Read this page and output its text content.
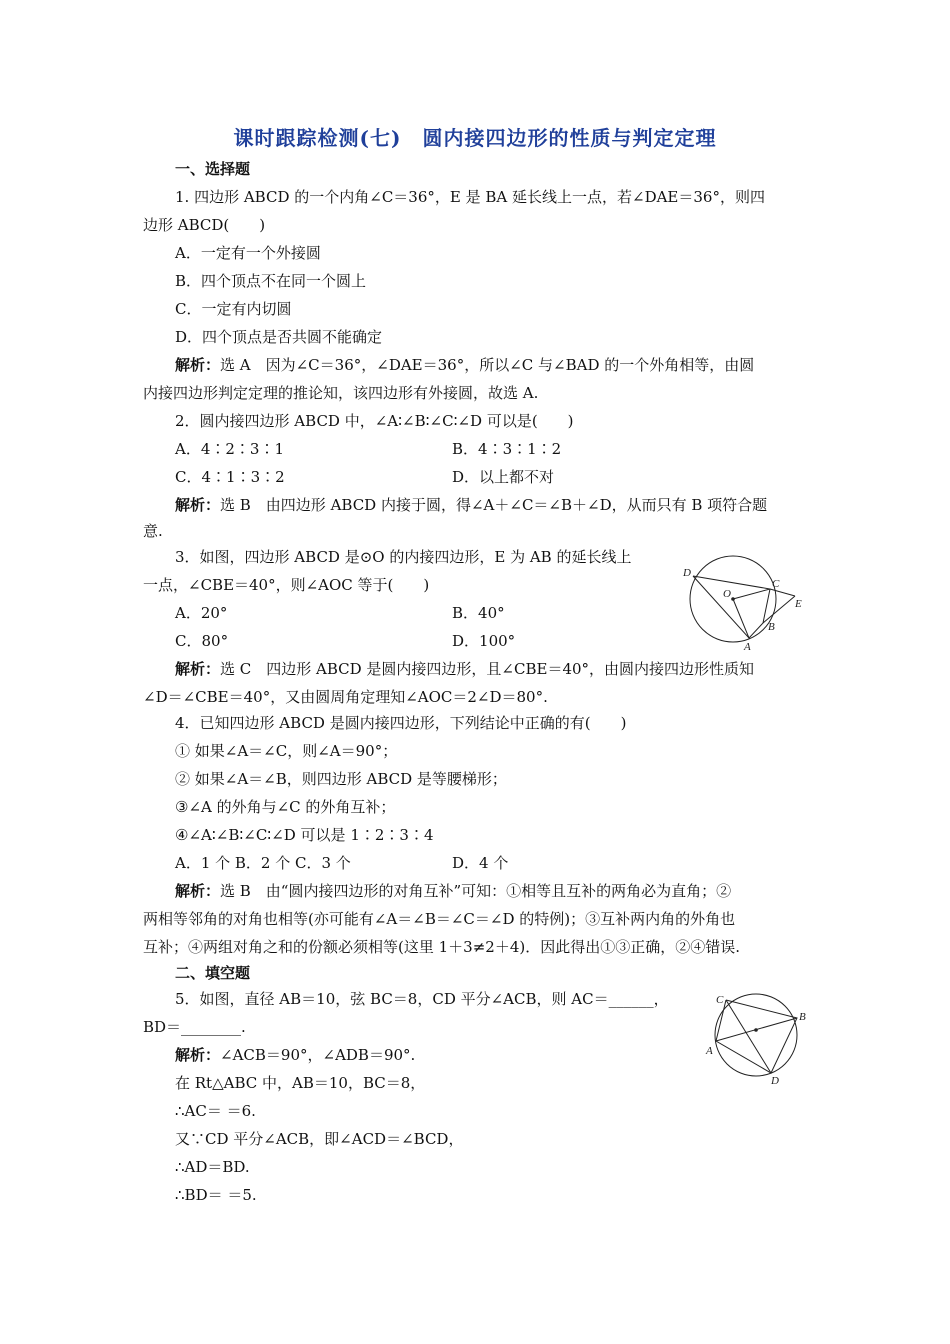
课时跟踪检测(七)　圆内接四边形的性质与判定定理
一、选择题
1. 四边形 ABCD 的一个内角∠C＝36°，E 是 BA 延长线上一点，若∠DAE＝36°，则四
边形 ABCD(　　)
A．一定有一个外接圆
B．四个顶点不在同一个圆上
C．一定有内切圆
D．四个顶点是否共圆不能确定
解析：选 A　因为∠C＝36°，∠DAE＝36°，所以∠C 与∠BAD 的一个外角相等，由圆
内接四边形判定定理的推论知，该四边形有外接圆，故选 A.
2．圆内接四边形 ABCD 中，∠A∶∠B∶∠C∶∠D 可以是(　　)
A．4∶2∶3∶1	B．4∶3∶1∶2
C．4∶1∶3∶2	D．以上都不对
解析：选 B　由四边形 ABCD 内接于圆，得∠A＋∠C＝∠B＋∠D，从而只有 B 项符合题
意.
3．如图，四边形 ABCD 是⊙O 的内接四边形，E 为 AB 的延长线上
一点，∠CBE＝40°，则∠AOC 等于(　　)
A．20°	B．40°
C．80°	D．100°
D
O
C
E
B
A
解析：选 C　四边形 ABCD 是圆内接四边形，且∠CBE＝40°，由圆内接四边形性质知
∠D＝∠CBE＝40°，又由圆周角定理知∠AOC＝2∠D＝80°.
4．已知四边形 ABCD 是圆内接四边形，下列结论中正确的有(　　)
① 如果∠A＝∠C，则∠A＝90°；
② 如果∠A＝∠B，则四边形 ABCD 是等腰梯形；
③∠A 的外角与∠C 的外角互补；
④∠A∶∠B∶∠C∶∠D 可以是 1∶2∶3∶4
A．1 个 B．2 个 C．3 个	D．4 个
解析：选 B　由“圆内接四边形的对角互补”可知：①相等且互补的两角必为直角；②
两相等邻角的对角也相等(亦可能有∠A＝∠B＝∠C＝∠D 的特例)；③互补两内角的外角也
互补；④两组对角之和的份额必须相等(这里 1＋3≠2＋4)．因此得出①③正确，②④错误.
二、填空题
5．如图，直径 AB＝10，弦 BC＝8，CD 平分∠ACB，则 AC＝______，
BD＝________.
C
B
A
D
解析：∠ACB＝90°，∠ADB＝90°.
在 Rt△ABC 中，AB＝10，BC＝8，
∴AC＝ ＝6.
又∵CD 平分∠ACB，即∠ACD＝∠BCD，
∴AD＝BD.
∴BD＝ ＝5.
